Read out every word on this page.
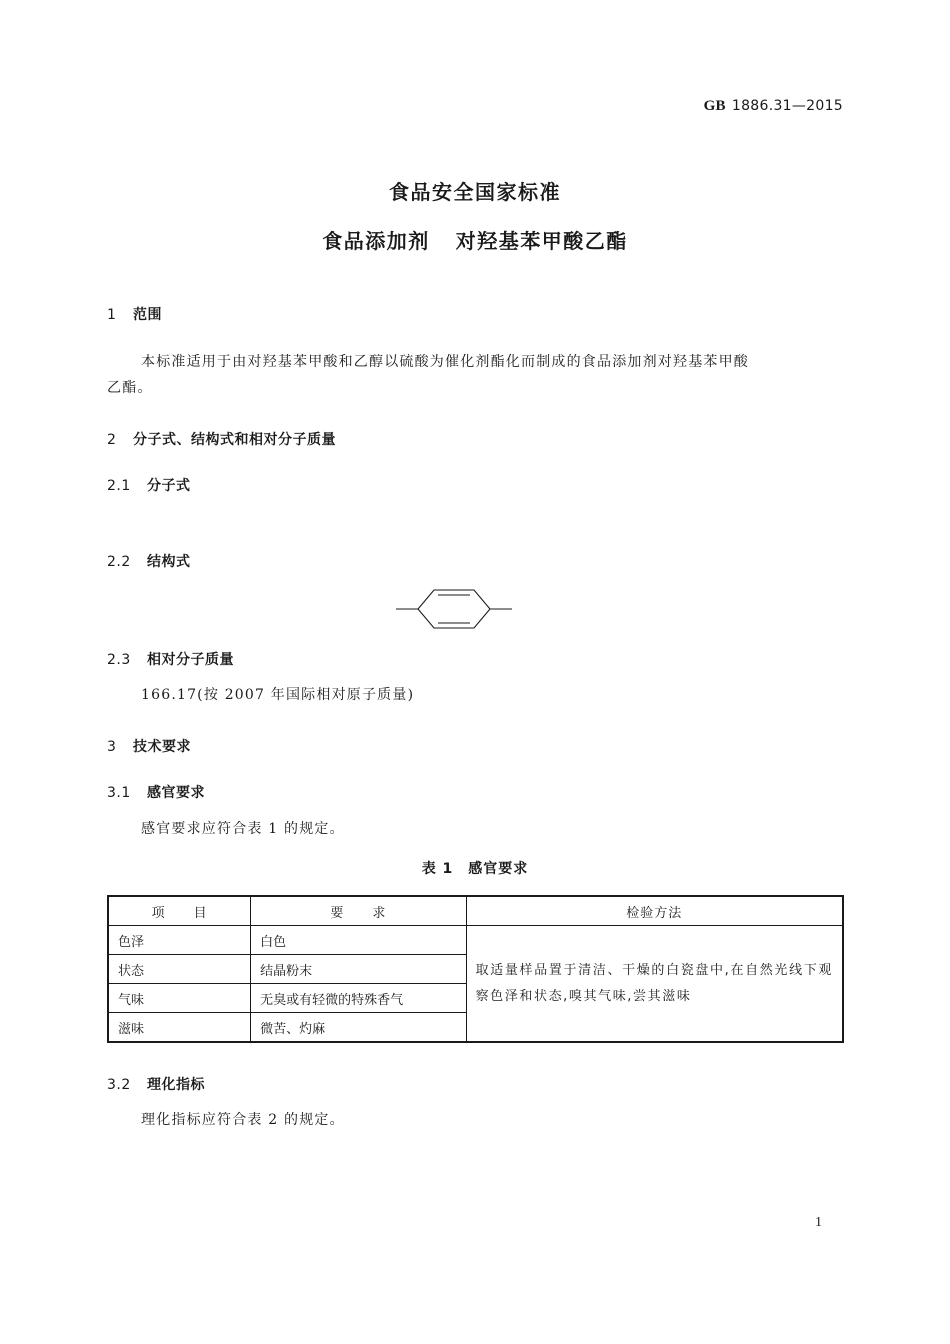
GB 1886.31—2015
食品安全国家标准
食品添加剂 对羟基苯甲酸乙酯
1 范围
本标准适用于由对羟基苯甲酸和乙醇以硫酸为催化剂酯化而制成的食品添加剂对羟基苯甲酸
乙酯。
2 分子式、结构式和相对分子质量
2.1 分子式
2.2 结构式
2.3 相对分子质量
166.17(按 2007 年国际相对原子质量)
3 技术要求
3.1 感官要求
感官要求应符合表 1 的规定。
表 1　感官要求
项　　目	要　　求	检验方法
色泽	白色	取适量样品置于清洁、干燥的白瓷盘中,在自然光线下观察色泽和状态,嗅其气味,尝其滋味
状态	结晶粉末	
气味	无臭或有轻微的特殊香气	
滋味	微苦、灼麻	
3.2 理化指标
理化指标应符合表 2 的规定。
1
